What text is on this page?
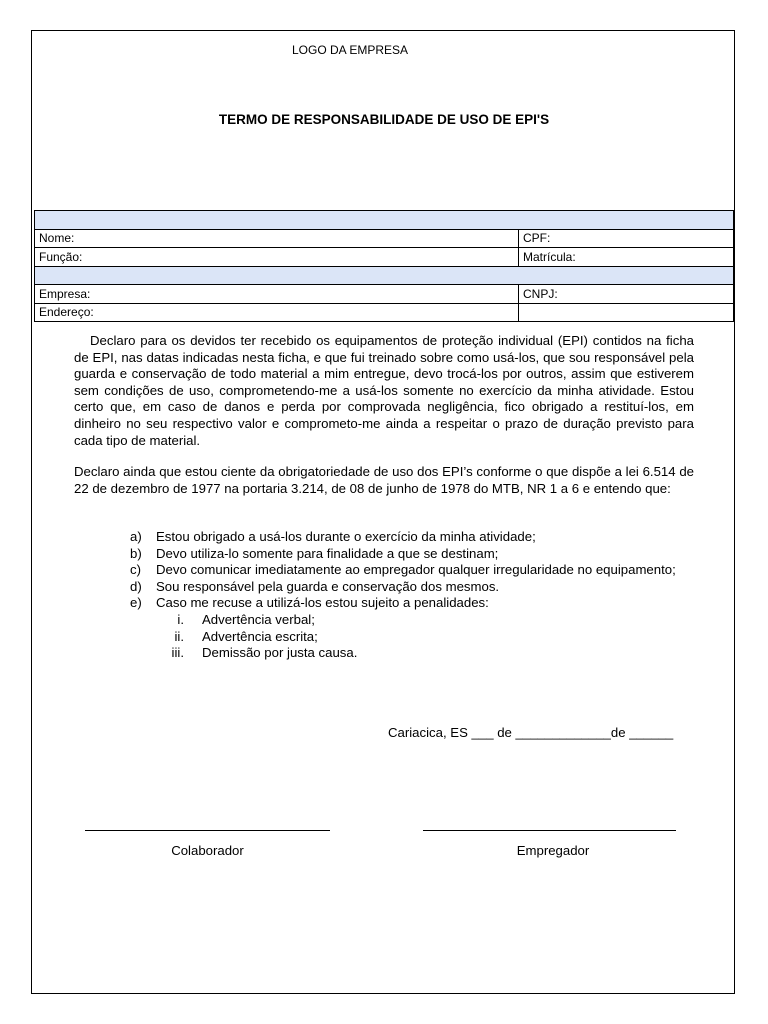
LOGO DA EMPRESA
TERMO DE RESPONSABILIDADE DE USO DE EPI'S

Nome:	CPF:
Função:	Matrícula:

Empresa:	CNPJ:
Endereço:	
Declaro para os devidos ter recebido os equipamentos de proteção individual (EPI) contidos na ficha de EPI, nas datas indicadas nesta ficha, e que fui treinado sobre como usá-los, que sou responsável pela guarda e conservação de todo material a mim entregue, devo trocá-los por outros, assim que estiverem sem condições de uso, comprometendo-me a usá-los somente no exercício da minha atividade. Estou certo que, em caso de danos e perda por comprovada negligência, fico obrigado a restituí-los, em dinheiro no seu respectivo valor e comprometo-me ainda a respeitar o prazo de duração previsto para cada tipo de material.
Declaro ainda que estou ciente da obrigatoriedade de uso dos EPI’s conforme o que dispõe a lei 6.514 de 22 de dezembro de 1977 na portaria 3.214, de 08 de junho de 1978 do MTB, NR 1 a 6 e entendo que:
a) Estou obrigado a usá-los durante o exercício da minha atividade;
b) Devo utiliza-lo somente para finalidade a que se destinam;
c) Devo comunicar imediatamente ao empregador qualquer irregularidade no equipamento;
d) Sou responsável pela guarda e conservação dos mesmos.
e) Caso me recuse a utilizá-los estou sujeito a penalidades:
i. Advertência verbal;
ii. Advertência escrita;
iii. Demissão por justa causa.
Cariacica, ES ___ de _____________de ______
Colaborador	Empregador
